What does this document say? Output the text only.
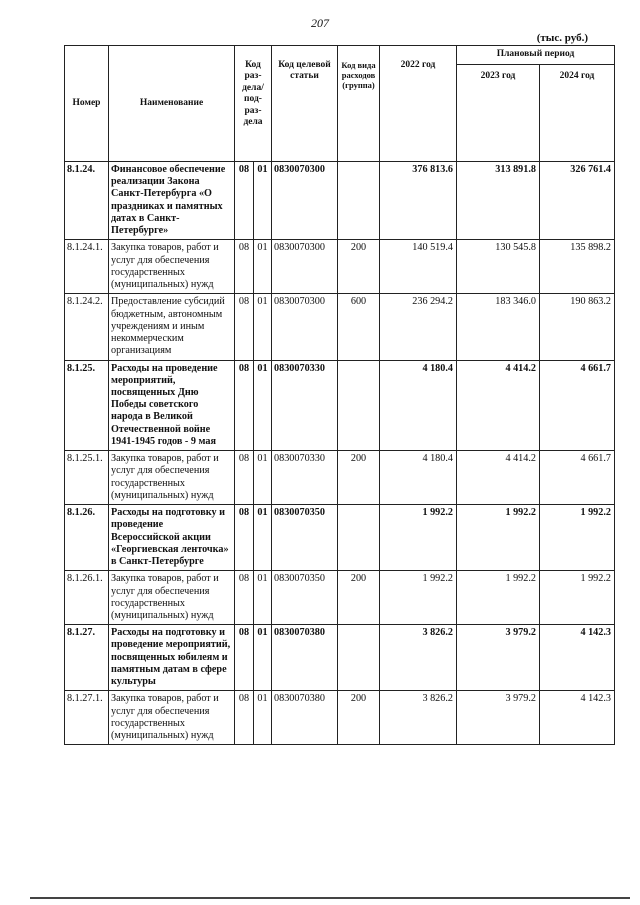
207
(тыс. руб.)
Номер	Наименование	Код раз- дела/ под- раз- дела		Код целевой статьи	Код вида расходов (группа)	2022 год	Плановый период	
							2023 год	2024 год
8.1.24.	Финансовое обеспечение реализации Закона Санкт-Петербурга «О праздниках и памятных датах в Санкт-Петербурге»	08	01	0830070300		376 813.6	313 891.8	326 761.4
8.1.24.1.	Закупка товаров, работ и услуг для обеспечения государственных (муниципальных) нужд	08	01	0830070300	200	140 519.4	130 545.8	135 898.2
8.1.24.2.	Предоставление субсидий бюджетным, автономным учреждениям и иным некоммерческим организациям	08	01	0830070300	600	236 294.2	183 346.0	190 863.2
8.1.25.	Расходы на проведение мероприятий, посвященных Дню Победы советского народа в Великой Отечественной войне 1941-1945 годов - 9 мая	08	01	0830070330		4 180.4	4 414.2	4 661.7
8.1.25.1.	Закупка товаров, работ и услуг для обеспечения государственных (муниципальных) нужд	08	01	0830070330	200	4 180.4	4 414.2	4 661.7
8.1.26.	Расходы на подготовку и проведение Всероссийской акции «Георгиевская ленточка» в Санкт-Петербурге	08	01	0830070350		1 992.2	1 992.2	1 992.2
8.1.26.1.	Закупка товаров, работ и услуг для обеспечения государственных (муниципальных) нужд	08	01	0830070350	200	1 992.2	1 992.2	1 992.2
8.1.27.	Расходы на подготовку и проведение мероприятий, посвященных юбилеям и памятным датам в сфере культуры	08	01	0830070380		3 826.2	3 979.2	4 142.3
8.1.27.1.	Закупка товаров, работ и услуг для обеспечения государственных (муниципальных) нужд	08	01	0830070380	200	3 826.2	3 979.2	4 142.3
